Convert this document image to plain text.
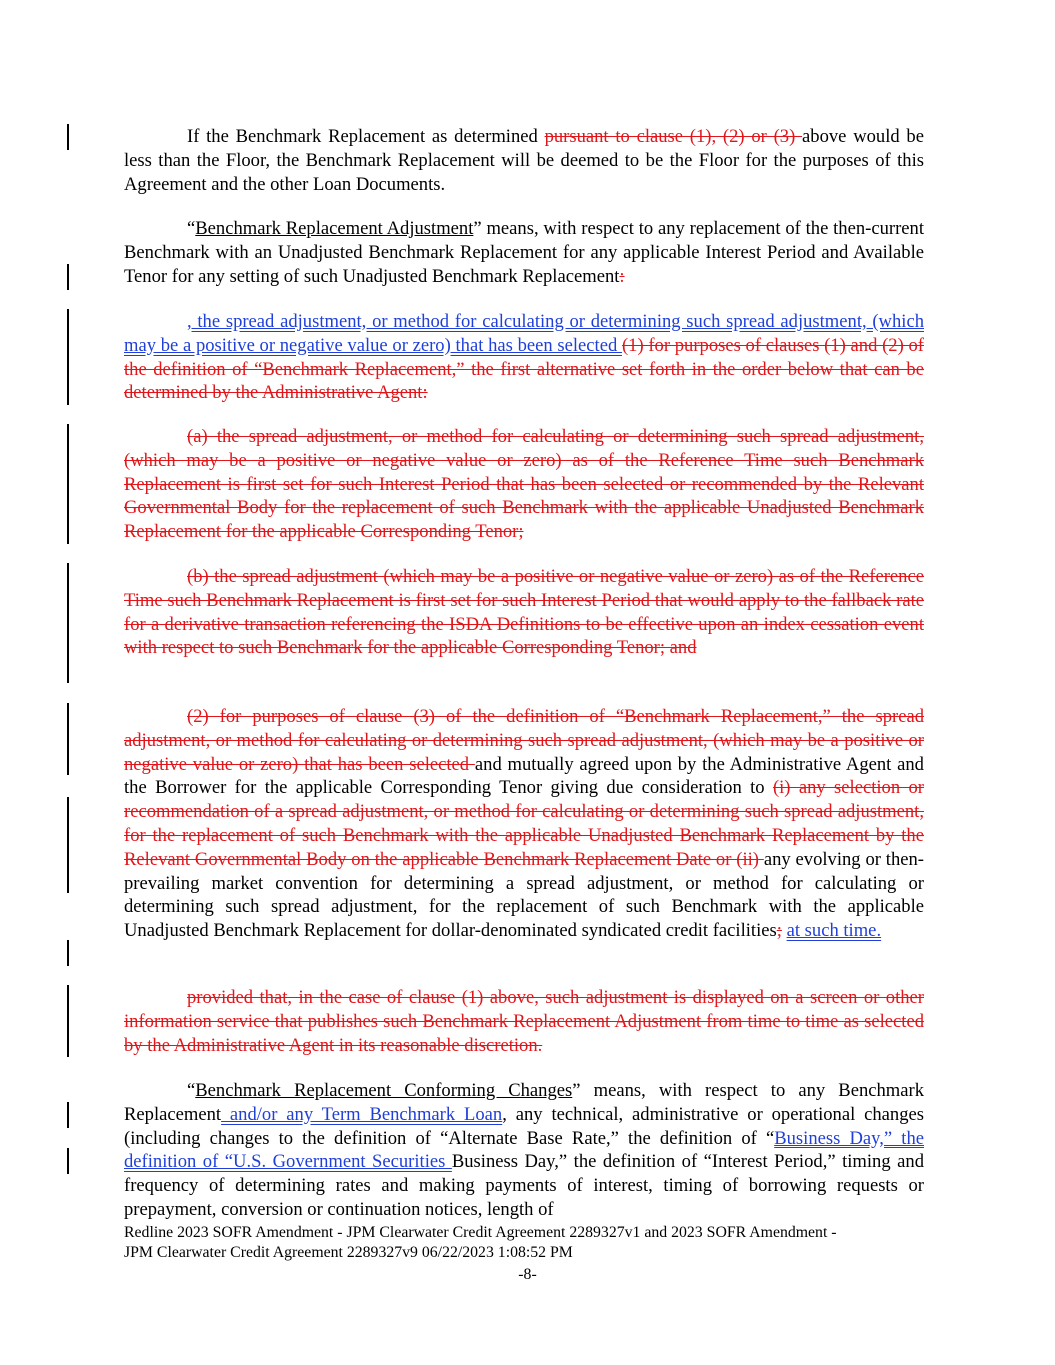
If the Benchmark Replacement as determined pursuant to clause (1), (2) or (3) above would be less than the Floor, the Benchmark Replacement will be deemed to be the Floor for the purposes of this Agreement and the other Loan Documents.

“Benchmark Replacement Adjustment” means, with respect to any replacement of the then-current Benchmark with an Unadjusted Benchmark Replacement for any applicable Interest Period and Available Tenor for any setting of such Unadjusted Benchmark Replacement:

, the spread adjustment, or method for calculating or determining such spread adjustment, (which may be a positive or negative value or zero) that has been selected (1) for purposes of clauses (1) and (2) of the definition of “Benchmark Replacement,” the first alternative set forth in the order below that can be determined by the Administrative Agent:

(a) the spread adjustment, or method for calculating or determining such spread adjustment, (which may be a positive or negative value or zero) as of the Reference Time such Benchmark Replacement is first set for such Interest Period that has been selected or recommended by the Relevant Governmental Body for the replacement of such Benchmark with the applicable Unadjusted Benchmark Replacement for the applicable Corresponding Tenor;

(b) the spread adjustment (which may be a positive or negative value or zero) as of the Reference Time such Benchmark Replacement is first set for such Interest Period that would apply to the fallback rate for a derivative transaction referencing the ISDA Definitions to be effective upon an index cessation event with respect to such Benchmark for the applicable Corresponding Tenor; and

(2) for purposes of clause (3) of the definition of “Benchmark Replacement,” the spread adjustment, or method for calculating or determining such spread adjustment, (which may be a positive or negative value or zero) that has been selected and mutually agreed upon by the Administrative Agent and the Borrower for the applicable Corresponding Tenor giving due consideration to (i) any selection or recommendation of a spread adjustment, or method for calculating or determining such spread adjustment, for the replacement of such Benchmark with the applicable Unadjusted Benchmark Replacement by the Relevant Governmental Body on the applicable Benchmark Replacement Date or (ii) any evolving or then-prevailing market convention for determining a spread adjustment, or method for calculating or determining such spread adjustment, for the replacement of such Benchmark with the applicable Unadjusted Benchmark Replacement for dollar-denominated syndicated credit facilities; at such time.

provided that, in the case of clause (1) above, such adjustment is displayed on a screen or other information service that publishes such Benchmark Replacement Adjustment from time to time as selected by the Administrative Agent in its reasonable discretion.

“Benchmark Replacement Conforming Changes” means, with respect to any Benchmark Replacement and/or any Term Benchmark Loan, any technical, administrative or operational changes (including changes to the definition of “Alternate Base Rate,” the definition of “Business Day,” the definition of “U.S. Government Securities Business Day,” the definition of “Interest Period,” timing and frequency of determining rates and making payments of interest, timing of borrowing requests or prepayment, conversion or continuation notices, length of

Redline 2023 SOFR Amendment - JPM Clearwater Credit Agreement 2289327v1 and 2023 SOFR Amendment -
JPM Clearwater Credit Agreement 2289327v9 06/22/2023 1:08:52 PM
-8-
